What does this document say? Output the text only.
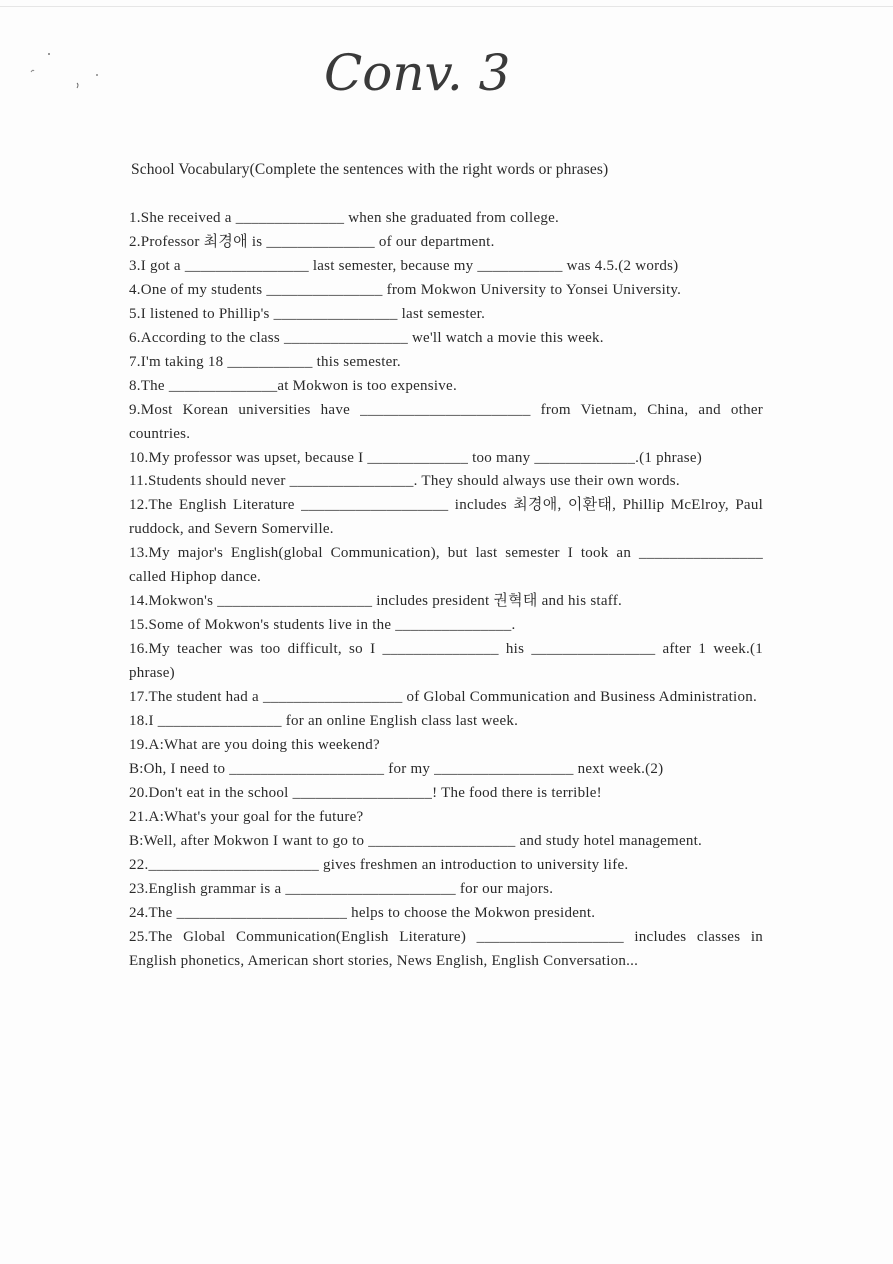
Conv. 3
School Vocabulary(Complete the sentences with the right words or phrases)
1.She received a ______________ when she graduated from college.
2.Professor 최경애 is ______________ of our department.
3.I got a ________________ last semester, because my ___________ was 4.5.(2 words)
4.One of my students _______________ from Mokwon University to Yonsei University.
5.I listened to Phillip's ________________ last semester.
6.According to the class ________________ we'll watch a movie this week.
7.I'm taking 18 ___________ this semester.
8.The ______________at Mokwon is too expensive.
9.Most Korean universities have ______________________ from Vietnam, China, and other countries.
10.My professor was upset, because I _____________ too many _____________.(1 phrase)
11.Students should never ________________. They should always use their own words.
12.The English Literature ___________________ includes 최경애, 이환태, Phillip McElroy, Paul ruddock, and Severn Somerville.
13.My major's English(global Communication), but last semester I took an ________________ called Hiphop dance.
14.Mokwon's ____________________ includes president 권혁태 and his staff.
15.Some of Mokwon's students live in the _______________.
16.My teacher was too difficult, so I _______________ his ________________ after 1 week.(1 phrase)
17.The student had a __________________ of Global Communication and Business Administration.
18.I ________________ for an online English class last week.
19.A:What are you doing this weekend?
B:Oh, I need to ____________________ for my __________________ next week.(2)
20.Don't eat in the school __________________! The food there is terrible!
21.A:What's your goal for the future?
B:Well, after Mokwon I want to go to ___________________ and study hotel management.
22.______________________ gives freshmen an introduction to university life.
23.English grammar is a ______________________ for our majors.
24.The ______________________ helps to choose the Mokwon president.
25.The Global Communication(English Literature) ___________________ includes classes in English phonetics, American short stories, News English, English Conversation...
